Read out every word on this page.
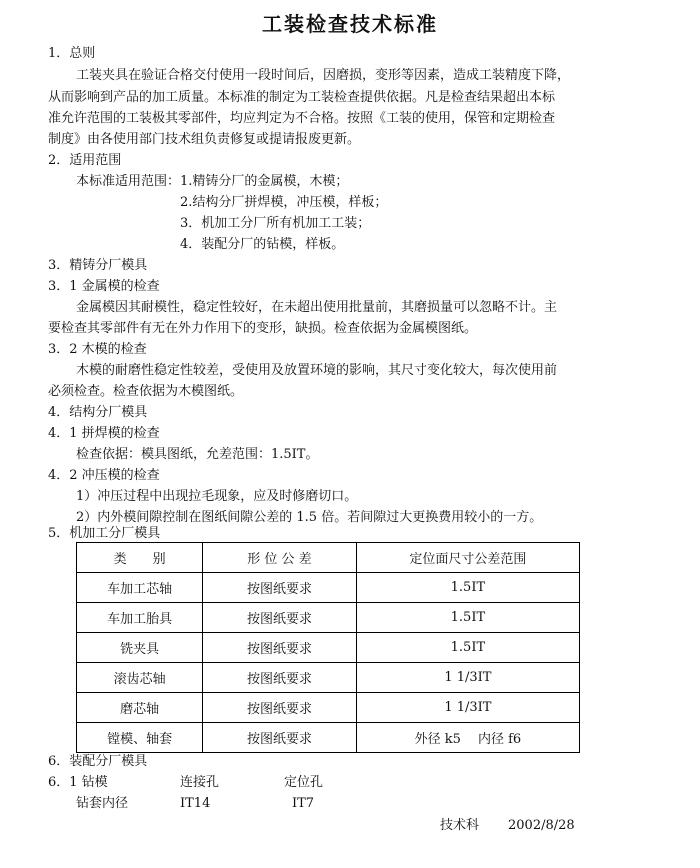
工装检查技术标准
1．总则
工装夹具在验证合格交付使用一段时间后，因磨损，变形等因素，造成工装精度下降，
从而影响到产品的加工质量。本标准的制定为工装检查提供依据。凡是检查结果超出本标
准允许范围的工装极其零部件，均应判定为不合格。按照《工装的使用，保管和定期检查
制度》由各使用部门技术组负责修复或提请报废更新。
2．适用范围
本标准适用范围：1.精铸分厂的金属模，木模；
2.结构分厂拼焊模，冲压模，样板；
3．机加工分厂所有机加工工装；
4．装配分厂的钻模，样板。
3．精铸分厂模具
3．1 金属模的检查
金属模因其耐模性，稳定性较好，在未超出使用批量前，其磨损量可以忽略不计。主
要检查其零部件有无在外力作用下的变形，缺损。检查依据为金属模图纸。
3．2 木模的检查
木模的耐磨性稳定性较差，受使用及放置环境的影响，其尺寸变化较大，每次使用前
必须检查。检查依据为木模图纸。
4．结构分厂模具
4．1 拼焊模的检查
检查依据：模具图纸，允差范围：1.5IT。
4．2 冲压模的检查
1）冲压过程中出现拉毛现象，应及时修磨切口。
2）内外模间隙控制在图纸间隙公差的 1.5 倍。若间隙过大更换费用较小的一方。
5．机加工分厂模具
类　　别	形 位 公 差	定位面尺寸公差范围
车加工芯轴	按图纸要求	1.5IT
车加工胎具	按图纸要求	1.5IT
铣夹具	按图纸要求	1.5IT
滚齿芯轴	按图纸要求	1 1/3IT
磨芯轴	按图纸要求	1 1/3IT
镗模、轴套	按图纸要求	外径 k5　 内径 f6
6．装配分厂模具
6．1 钻模	连接孔	定位孔
钻套内径	IT14	IT7
技术科 2002/8/28
